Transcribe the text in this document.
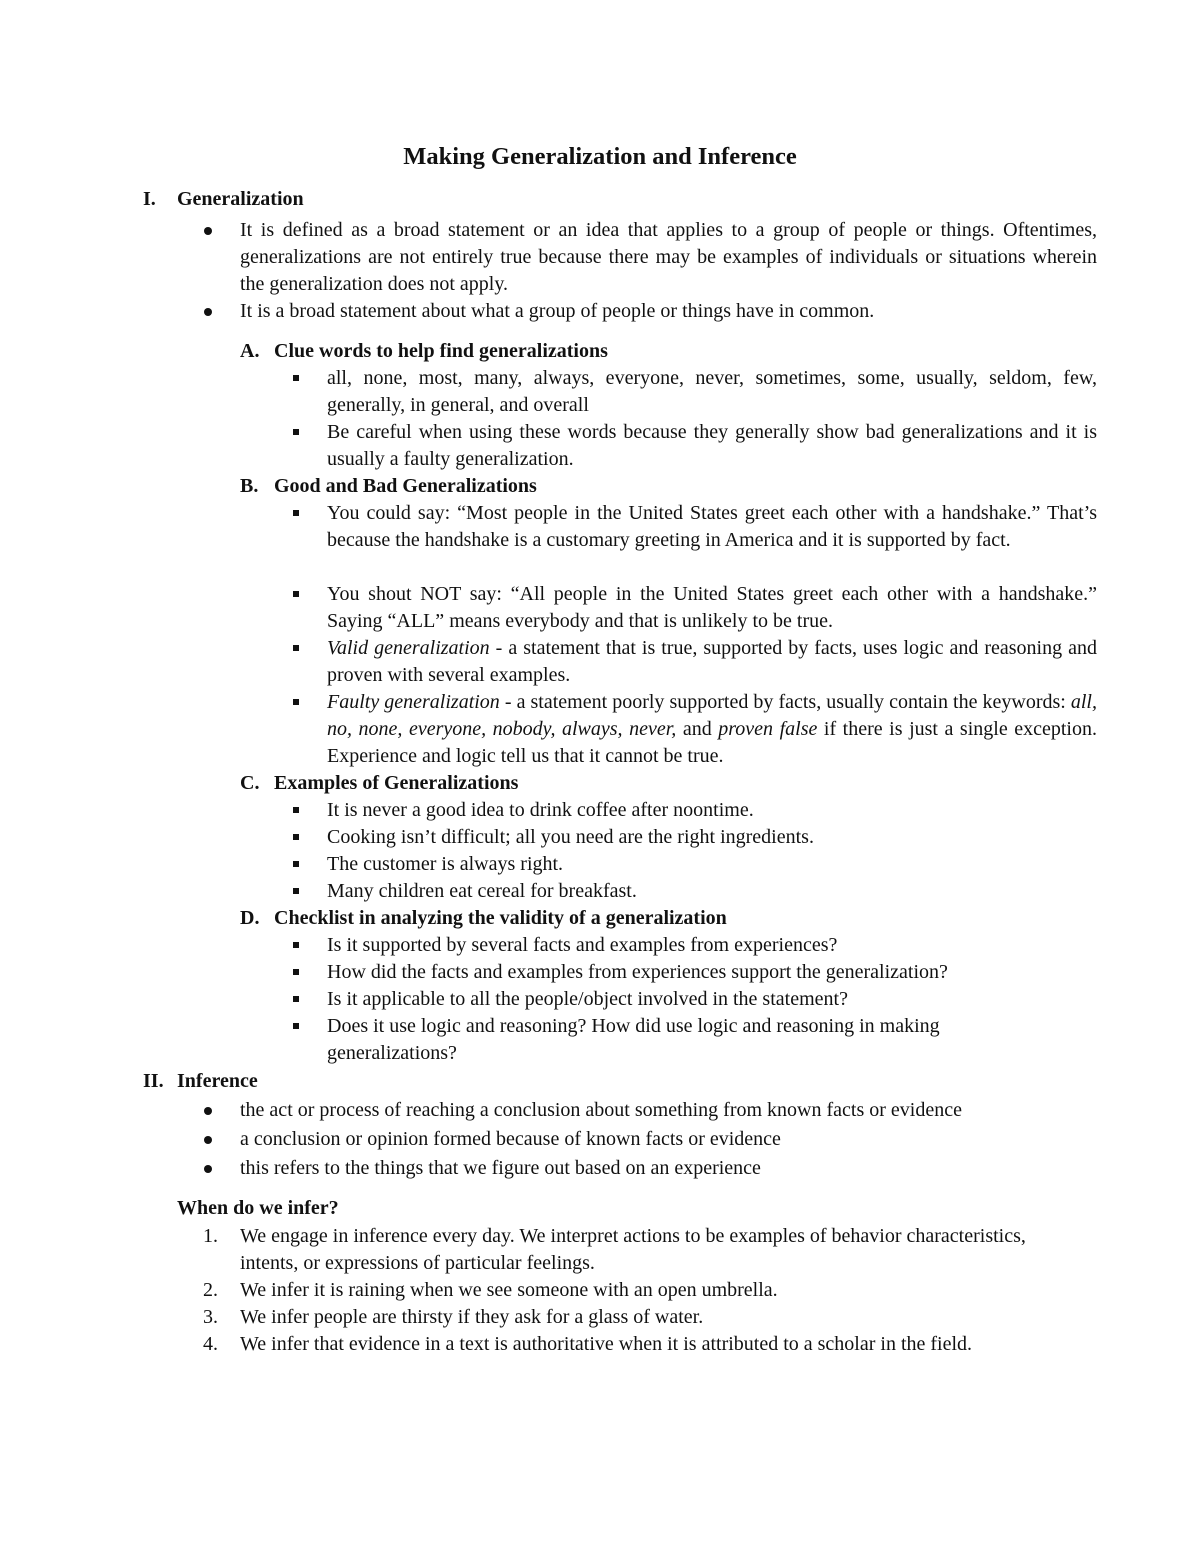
Making Generalization and Inference
I. Generalization
It is defined as a broad statement or an idea that applies to a group of people or things. Oftentimes, generalizations are not entirely true because there may be examples of individuals or situations wherein the generalization does not apply.
It is a broad statement about what a group of people or things have in common.
A. Clue words to help find generalizations
all, none, most, many, always, everyone, never, sometimes, some, usually, seldom, few, generally, in general, and overall
Be careful when using these words because they generally show bad generalizations and it is usually a faulty generalization.
B. Good and Bad Generalizations
You could say: “Most people in the United States greet each other with a handshake.” That’s because the handshake is a customary greeting in America and it is supported by fact.
You shout NOT say: “All people in the United States greet each other with a handshake.” Saying “ALL” means everybody and that is unlikely to be true.
Valid generalization - a statement that is true, supported by facts, uses logic and reasoning and proven with several examples.
Faulty generalization - a statement poorly supported by facts, usually contain the keywords: all, no, none, everyone, nobody, always, never, and proven false if there is just a single exception. Experience and logic tell us that it cannot be true.
C. Examples of Generalizations
It is never a good idea to drink coffee after noontime.
Cooking isn’t difficult; all you need are the right ingredients.
The customer is always right.
Many children eat cereal for breakfast.
D. Checklist in analyzing the validity of a generalization
Is it supported by several facts and examples from experiences?
How did the facts and examples from experiences support the generalization?
Is it applicable to all the people/object involved in the statement?
Does it use logic and reasoning? How did use logic and reasoning in making generalizations?
II. Inference
the act or process of reaching a conclusion about something from known facts or evidence
a conclusion or opinion formed because of known facts or evidence
this refers to the things that we figure out based on an experience
When do we infer?
1. We engage in inference every day. We interpret actions to be examples of behavior characteristics, intents, or expressions of particular feelings.
2. We infer it is raining when we see someone with an open umbrella.
3. We infer people are thirsty if they ask for a glass of water.
4. We infer that evidence in a text is authoritative when it is attributed to a scholar in the field.
